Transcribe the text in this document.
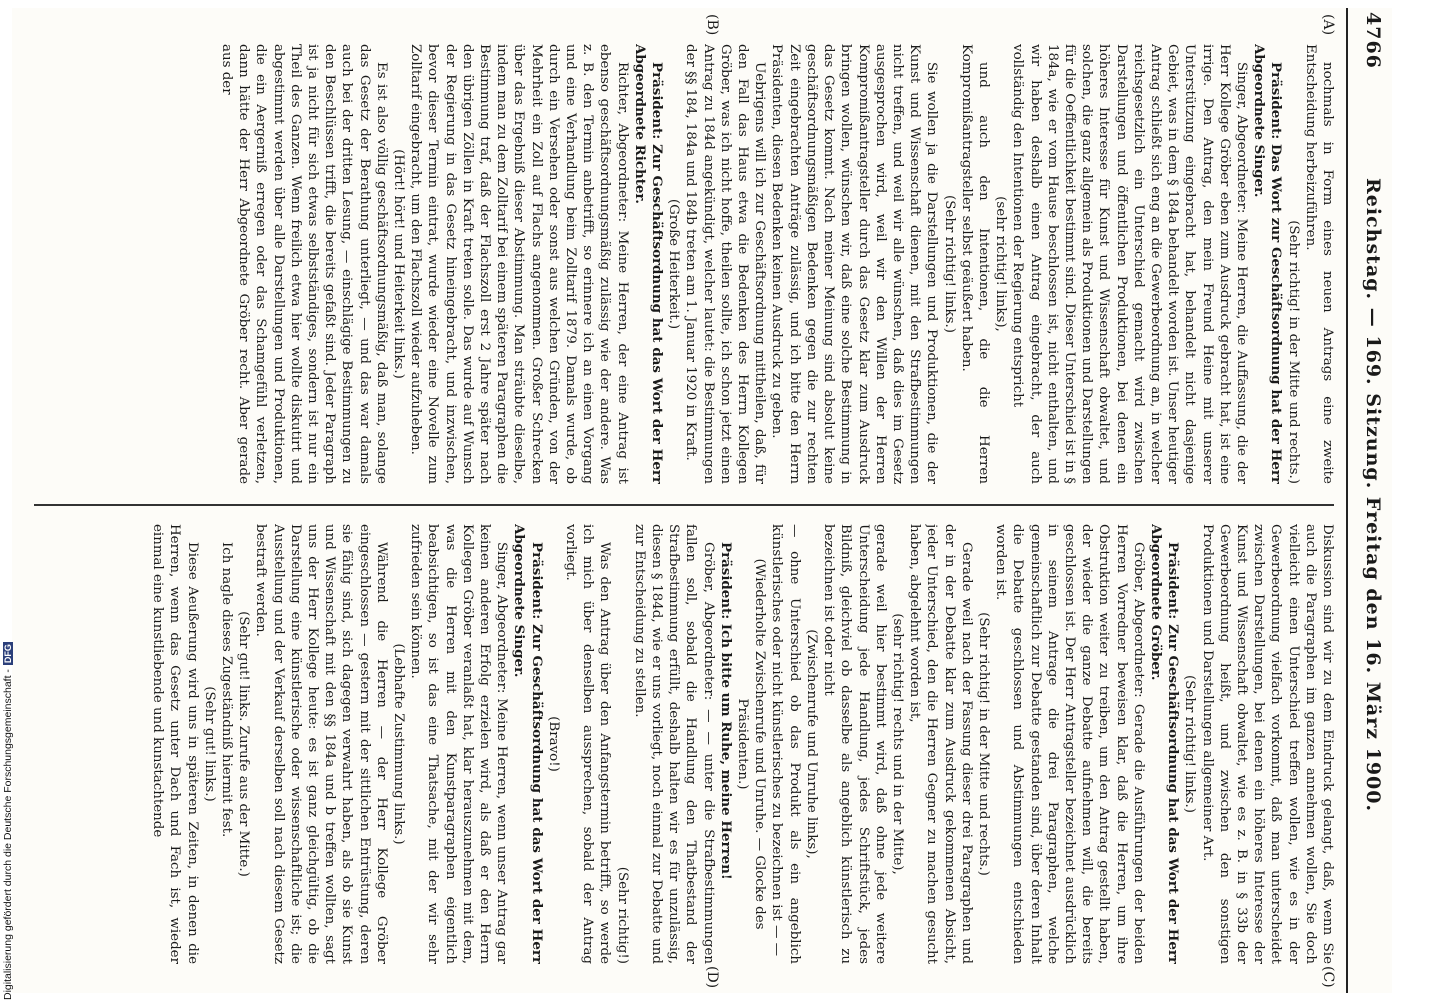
4766
Reichstag. — 169. Sitzung. Freitag den 16. März 1900.
(A)
(B)
(C)
(D)

nochmals in Form eines neuen Antrags eine zweite Entscheidung herbeizuführen.

(Sehr richtig! in der Mitte und rechts.)

Präsident: Das Wort zur Geschäftsordnung hat der Herr Abgeordnete Singer.

Singer, Abgeordneter: Meine Herren, die Auffassung, die der Herr Kollege Gröber eben zum Ausdruck gebracht hat, ist eine irrige. Den Antrag, den mein Freund Heine mit unserer Unterstützung eingebracht hat, behandelt nicht dasjenige Gebiet, was in dem § 184a behandelt worden ist. Unser heutiger Antrag schließt sich eng an die Gewerbeordnung an, in welcher reichsgesetzlich ein Unterschied gemacht wird zwischen Darstellungen und öffentlichen Produktionen, bei denen ein höheres Interesse für Kunst und Wissenschaft obwaltet, und solchen, die ganz allgemein als Produktionen und Darstellungen für die Oeffentlichkeit bestimmt sind. Dieser Unterschied ist in § 184a, wie er vom Hause beschlossen ist, nicht enthalten, und wir haben deshalb einen Antrag eingebracht, der auch vollständig den Intentionen der Regierung entspricht

(sehr richtig! links),

und auch den Intentionen, die die Herren Kompromißantragsteller selbst geäußert haben.

(Sehr richtig! links.)

Sie wollen ja die Darstellungen und Produktionen, die der Kunst und Wissenschaft dienen, mit den Strafbestimmungen nicht treffen, und weil wir alle wünschen, daß dies im Gesetz ausgesprochen wird, weil wir den Willen der Herren Kompromißantragsteller durch das Gesetz klar zum Ausdruck bringen wollen, wünschen wir, daß eine solche Bestimmung in das Gesetz kommt. Nach meiner Meinung sind absolut keine geschäftsordnungsmäßigen Bedenken gegen die zur rechten Zeit eingebrachten Anträge zulässig, und ich bitte den Herrn Präsidenten, diesen Bedenken keinen Ausdruck zu geben.

Uebrigens will ich zur Geschäftsordnung mittheilen, daß, für den Fall das Haus etwa die Bedenken des Herrn Kollegen Gröber, was ich nicht hoffe, theilen sollte, ich schon jetzt einen Antrag zu 184d angekündigt, welcher lautet: die Bestimmungen der §§ 184, 184a und 184b treten am 1. Januar 1920 in Kraft.

(Große Heiterkeit.)

Präsident: Zur Geschäftsordnung hat das Wort der Herr Abgeordnete Richter.

Richter, Abgeordneter: Meine Herren, der eine Antrag ist ebenso geschäftsordnungsmäßig zulässig wie der andere. Was z. B. den Termin anbetrifft, so erinnere ich an einen Vorgang und eine Verhandlung beim Zolltarif 1879. Damals wurde, ob durch ein Versehen oder sonst aus welchen Gründen, von der Mehrheit ein Zoll auf Flachs angenommen. Großer Schrecken über das Ergebniß dieser Abstimmung. Man sträubte dieselbe, indem man zu dem Zolltarif bei einem späteren Paragraphen die Bestimmung traf, daß der Flachszoll erst 2 Jahre später nach den übrigen Zöllen in Kraft treten solle. Das wurde auf Wunsch der Regierung in das Gesetz hineingebracht, und inzwischen, bevor dieser Termin eintrat, wurde wieder eine Novelle zum Zolltarif eingebracht, um den Flachszoll wieder aufzuheben.

(Hört! hört! und Heiterkeit links.)

Es ist also völlig geschäftsordnungsmäßig, daß man, solange das Gesetz der Berathung unterliegt, — und das war damals auch bei der dritten Lesung, — einschlägige Bestimmungen zu den Beschlüssen trifft, die bereits gefaßt sind. Jeder Paragraph ist ja nicht für sich etwas selbstständiges, sondern ist nur ein Theil des Ganzen. Wenn freilich etwa hier wollte diskutirt und abgestimmt werden über alle Darstellungen und Produktionen, die ein Aergerniß erregen oder das Schamgefühl verletzen, dann hätte der Herr Abgeordnete Gröber recht. Aber gerade aus der

Diskussion sind wir zu dem Eindruck gelangt, daß, wenn Sie auch die Paragraphen im ganzen annehmen wollen, Sie doch vielleicht einen Unterschied treffen wollen, wie es in der Gewerbeordnung vielfach vorkommt, daß man unterscheidet zwischen Darstellungen, bei denen ein höheres Interesse der Kunst und Wissenschaft obwaltet, wie es z. B. in § 33b der Gewerbeordnung heißt, und zwischen den sonstigen Produktionen und Darstellungen allgemeiner Art.

(Sehr richtig! links.)

Präsident: Zur Geschäftsordnung hat das Wort der Herr Abgeordnete Gröber.

Gröber, Abgeordneter: Gerade die Ausführungen der beiden Herren Vorredner beweisen klar, daß die Herren, um ihre Obstruktion weiter zu treiben, um den Antrag gestellt haben, der wieder die ganze Debatte aufnehmen will, die bereits geschlossen ist. Der Herr Antragsteller bezeichnet ausdrücklich in seinem Antrage die drei Paragraphen, welche gemeinschaftlich zur Debatte gestanden sind, über deren Inhalt die Debatte geschlossen und Abstimmungen entschieden worden ist.

(Sehr richtig! in der Mitte und rechts.)

Gerade weil nach der Fassung dieser drei Paragraphen und der in der Debatte klar zum Ausdruck gekommenen Absicht, jeder Unterschied, den die Herren Gegner zu machen gesucht haben, abgelehnt worden ist,

(sehr richtig! rechts und in der Mitte),

gerade weil hier bestimmt wird, daß ohne jede weitere Unterscheidung jede Handlung, jedes Schriftstück, jedes Bildniß, gleichviel ob dasselbe als angeblich künstlerisch zu bezeichnen ist oder nicht

(Zwischenrufe und Unruhe links),

— ohne Unterschied ob das Produkt als ein angeblich künstlerisches oder nicht künstlerisches zu bezeichnen ist — —

(Wiederholte Zwischenrufe und Unruhe. — Glocke des Präsidenten.)

Präsident: Ich bitte um Ruhe, meine Herren!

Gröber, Abgeordneter: — — unter die Strafbestimmungen fallen soll, sobald die Handlung den Thatbestand der Strafbestimmung erfüllt, deshalb halten wir es für unzulässig, diesen § 184d, wie er uns vorliegt, noch einmal zur Debatte und zur Entscheidung zu stellen.

(Sehr richtig!)

Was den Antrag über den Anfangstermin betrifft, so werde ich mich über denselben aussprechen, sobald der Antrag vorliegt.

(Bravo!)

Präsident: Zur Geschäftsordnung hat das Wort der Herr Abgeordnete Singer.

Singer, Abgeordneter: Meine Herren, wenn unser Antrag gar keinen anderen Erfolg erzielen wird, als daß er den Herrn Kollegen Gröber veranlaßt hat, klar herauszunehmen mit dem, was die Herren mit den Kunstparagraphen eigentlich beabsichtigen, so ist das eine Thatsache, mit der wir sehr zufrieden sein können.

(Lebhafte Zustimmung links.)

Während die Herren — der Herr Kollege Gröber eingeschlossen — gestern mit der sittlichen Entrüstung, deren sie fähig sind, sich dagegen verwahrt haben, als ob sie Kunst und Wissenschaft mit den §§ 184a und b treffen wollten, sagt uns der Herr Kollege heute: es ist ganz gleichgültig, ob die Darstellung eine künstlerische oder wissenschaftliche ist; die Ausstellung und der Verkauf derselben soll nach diesem Gesetz bestraft werden.

(Sehr gut! links. Zurufe aus der Mitte.)

Ich nagle dieses Zugeständniß hiermit fest.

(Sehr gut! links.)

Diese Aeußerung wird uns in späteren Zeiten, in denen die Herren, wenn das Gesetz unter Dach und Fach ist, wieder einmal eine kunstliebende und kunstachtende

Digitalisierung gefördert durch die Deutsche Forschungsgemeinschaft -DFG
